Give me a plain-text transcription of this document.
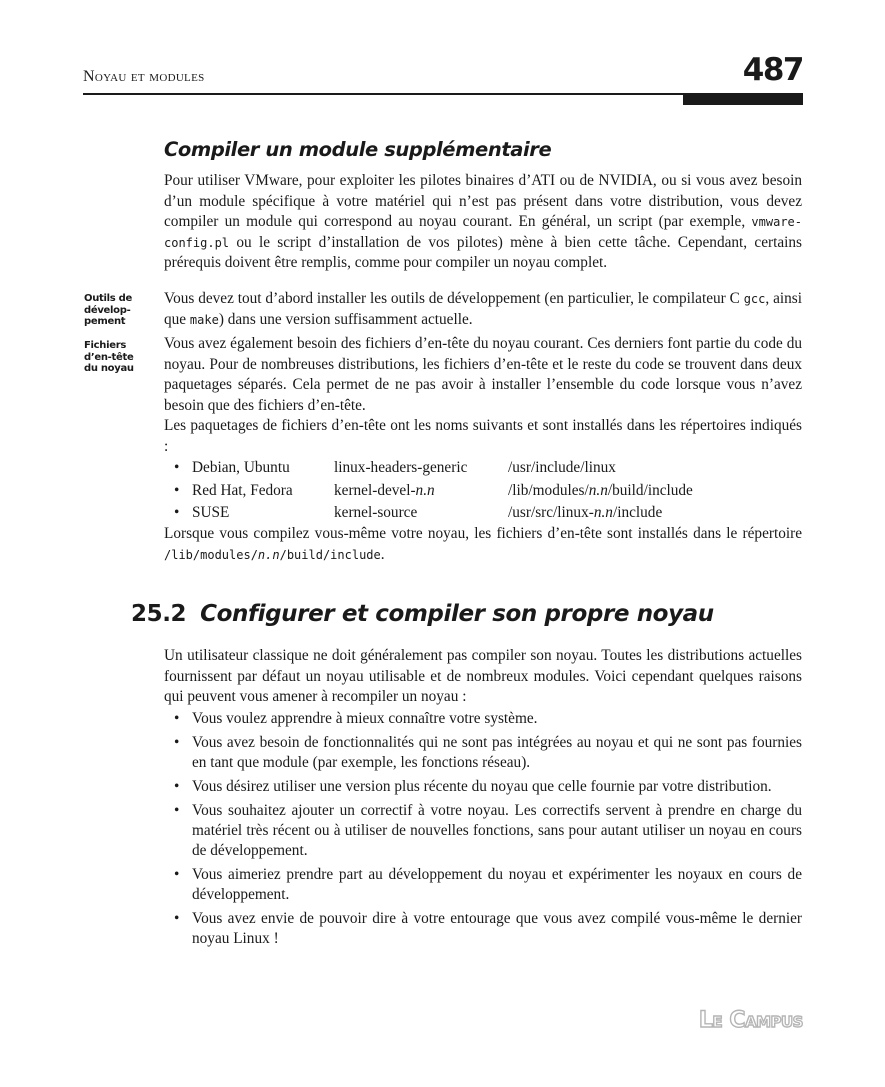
Noyau et modules	487
Compiler un module supplémentaire

Pour utiliser VMware, pour exploiter les pilotes binaires d’ATI ou de NVIDIA, ou si vous avez besoin d’un module spécifique à votre matériel qui n’est pas présent dans votre distribution, vous devez compiler un module qui correspond au noyau courant. En général, un script (par exemple, vmware-config.pl ou le script d’installation de vos pilotes) mène à bien cette tâche. Cependant, certains prérequis doivent être remplis, comme pour compiler un noyau complet.

Outils de dévelop-pement

Vous devez tout d’abord installer les outils de développement (en particulier, le compilateur C gcc, ainsi que make) dans une version suffisamment actuelle.

Fichiers d’en-tête du noyau

Vous avez également besoin des fichiers d’en-tête du noyau courant. Ces derniers font partie du code du noyau. Pour de nombreuses distributions, les fichiers d’en-tête et le reste du code se trouvent dans deux paquetages séparés. Cela permet de ne pas avoir à installer l’ensemble du code lorsque vous n’avez besoin que des fichiers d’en-tête.

Les paquetages de fichiers d’en-tête ont les noms suivants et sont installés dans les répertoires indiqués :

• Debian, Ubuntu	linux-headers-generic	/usr/include/linux
• Red Hat, Fedora	kernel-devel-n.n	/lib/modules/n.n/build/include
• SUSE	kernel-source	/usr/src/linux-n.n/include

Lorsque vous compilez vous-même votre noyau, les fichiers d’en-tête sont installés dans le répertoire /lib/modules/n.n/build/include.

25.2 Configurer et compiler son propre noyau

Un utilisateur classique ne doit généralement pas compiler son noyau. Toutes les distributions actuelles fournissent par défaut un noyau utilisable et de nombreux modules. Voici cependant quelques raisons qui peuvent vous amener à recompiler un noyau :

• Vous voulez apprendre à mieux connaître votre système.
• Vous avez besoin de fonctionnalités qui ne sont pas intégrées au noyau et qui ne sont pas fournies en tant que module (par exemple, les fonctions réseau).
• Vous désirez utiliser une version plus récente du noyau que celle fournie par votre distribution.
• Vous souhaitez ajouter un correctif à votre noyau. Les correctifs servent à prendre en charge du matériel très récent ou à utiliser de nouvelles fonctions, sans pour autant utiliser un noyau en cours de développement.
• Vous aimeriez prendre part au développement du noyau et expérimenter les noyaux en cours de développement.
• Vous avez envie de pouvoir dire à votre entourage que vous avez compilé vous-même le dernier noyau Linux !
Le Campus
